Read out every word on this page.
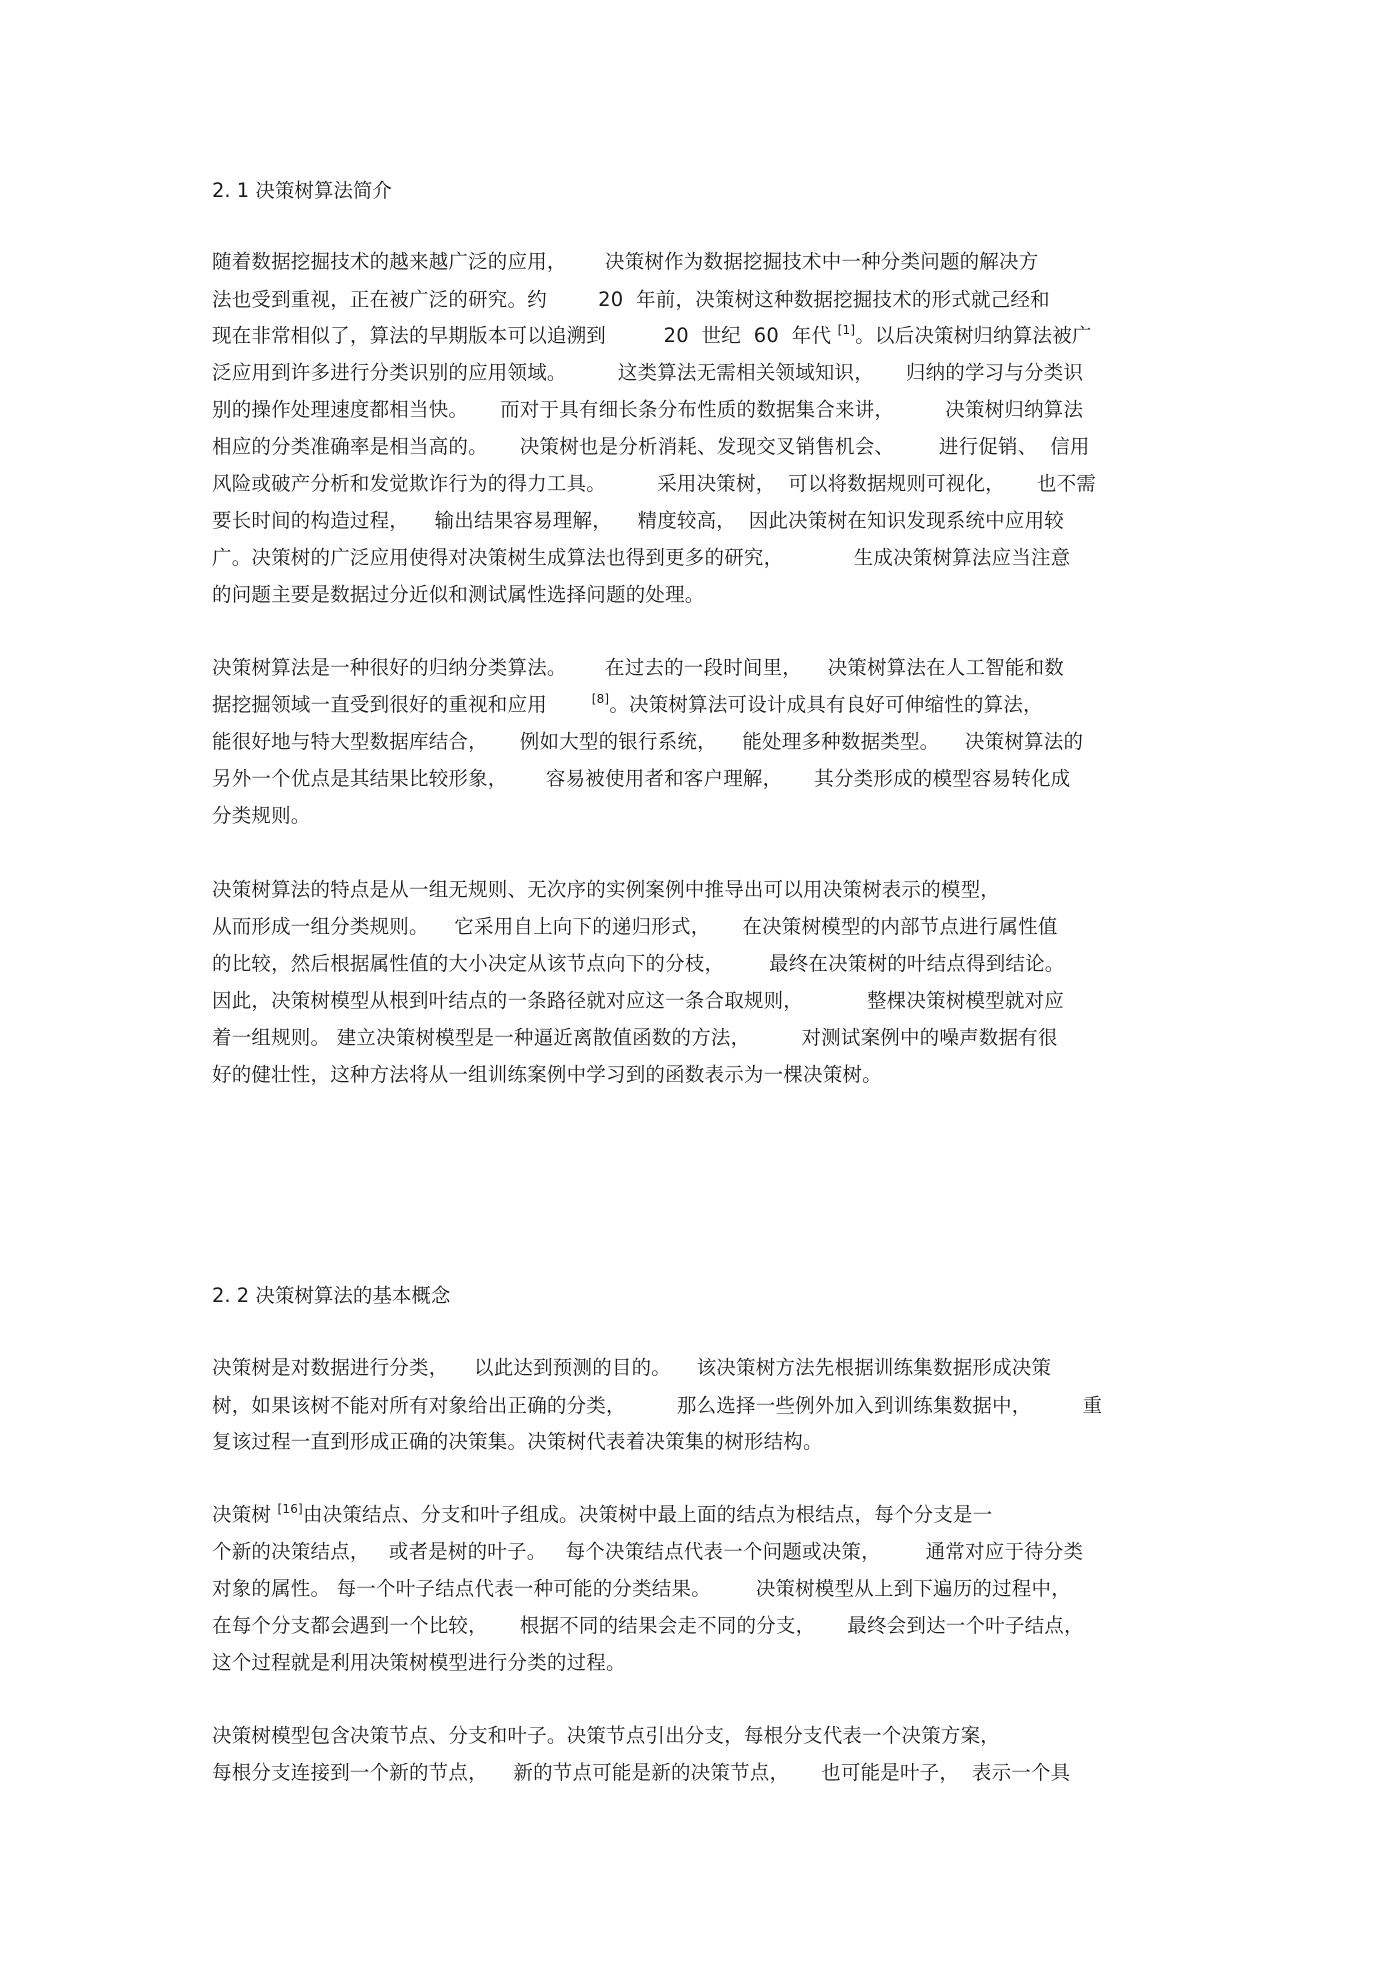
2. 1 决策树算法简介
随着数据挖掘技术的越来越广泛的应用，      决策树作为数据挖掘技术中一种分类问题的解决方
法也受到重视，正在被广泛的研究。约        20  年前，决策树这种数据挖掘技术的形式就己经和
现在非常相似了，算法的早期版本可以追溯到         20  世纪  60  年代 [1]。以后决策树归纳算法被广
泛应用到许多进行分类识别的应用领域。        这类算法无需相关领域知识，     归纳的学习与分类识
别的操作处理速度都相当快。     而对于具有细长条分布性质的数据集合来讲，        决策树归纳算法
相应的分类准确率是相当高的。     决策树也是分析消耗、发现交叉销售机会、       进行促销、  信用
风险或破产分析和发觉欺诈行为的得力工具。        采用决策树，  可以将数据规则可视化，     也不需
要长时间的构造过程，    输出结果容易理解，    精度较高，  因此决策树在知识发现系统中应用较
广。决策树的广泛应用使得对决策树生成算法也得到更多的研究，           生成决策树算法应当注意
的问题主要是数据过分近似和测试属性选择问题的处理。
决策树算法是一种很好的归纳分类算法。      在过去的一段时间里，    决策树算法在人工智能和数
据挖掘领域一直受到很好的重视和应用	[8]。决策树算法可设计成具有良好可伸缩性的算法，
能很好地与特大型数据库结合，     例如大型的银行系统，    能处理多种数据类型。    决策树算法的
另外一个优点是其结果比较形象，      容易被使用者和客户理解，     其分类形成的模型容易转化成
分类规则。
决策树算法的特点是从一组无规则、无次序的实例案例中推导出可以用决策树表示的模型，
从而形成一组分类规则。    它采用自上向下的递归形式，     在决策树模型的内部节点进行属性值
的比较，然后根据属性值的大小决定从该节点向下的分枝，       最终在决策树的叶结点得到结论。
因此，决策树模型从根到叶结点的一条路径就对应这一条合取规则，          整棵决策树模型就对应
着一组规则。 建立决策树模型是一种逼近离散值函数的方法，        对测试案例中的噪声数据有很
好的健壮性，这种方法将从一组训练案例中学习到的函数表示为一棵决策树。
2. 2 决策树算法的基本概念
决策树是对数据进行分类，    以此达到预测的目的。    该决策树方法先根据训练集数据形成决策
树，如果该树不能对所有对象给出正确的分类，        那么选择一些例外加入到训练集数据中，        重
复该过程一直到形成正确的决策集。决策树代表着决策集的树形结构。
决策树 [16]由决策结点、分支和叶子组成。决策树中最上面的结点为根结点，每个分支是一
个新的决策结点，   或者是树的叶子。   每个决策结点代表一个问题或决策，       通常对应于待分类
对象的属性。 每一个叶子结点代表一种可能的分类结果。       决策树模型从上到下遍历的过程中，
在每个分支都会遇到一个比较，     根据不同的结果会走不同的分支，     最终会到达一个叶子结点，
这个过程就是利用决策树模型进行分类的过程。
决策树模型包含决策节点、分支和叶子。决策节点引出分支，每根分支代表一个决策方案，
每根分支连接到一个新的节点，    新的节点可能是新的决策节点，     也可能是叶子，  表示一个具
